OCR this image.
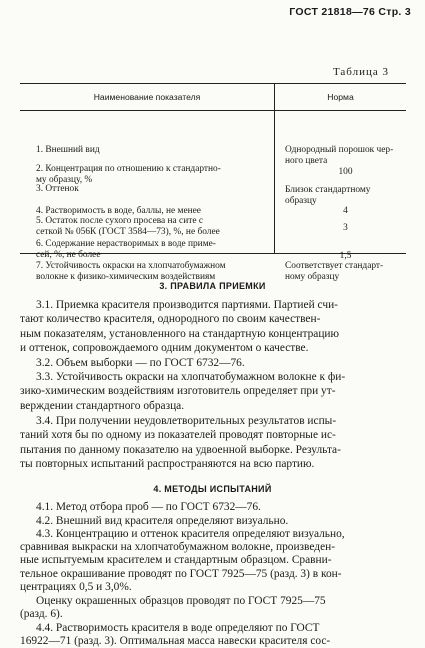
ГОСТ 21818—76 Стр. 3
Таблица 3
Наименование показателя	Норма
1. Внешний вид
2. Концентрация по отношению к стандартно-
му образцу, %
3. Оттенок
4. Растворимость в воде, баллы, не менее
5. Остаток после сухого просева на сите с
сеткой № 056К (ГОСТ 3584—73), %, не более
6. Содержание нерастворимых в воде приме-
сей, %, не более
7. Устойчивость окраски на хлопчатобумажном
волокне к физико-химическим воздействиям
Однородный порошок чер-
ного цвета
100
Близок стандартному
образцу
4
3
1,5
Соответствует стандарт-
ному образцу
3. ПРАВИЛА ПРИЕМКИ
3.1. Приемка красителя производится партиями. Партией счи-
тают количество красителя, однородного по своим качествен-
ным показателям, установленного на стандартную концентрацию
и оттенок, сопровождаемого одним документом о качестве.
3.2. Объем выборки — по ГОСТ 6732—76.
3.3. Устойчивость окраски на хлопчатобумажном волокне к фи-
зико-химическим воздействиям изготовитель определяет при ут-
верждении стандартного образца.
3.4. При получении неудовлетворительных результатов испы-
таний хотя бы по одному из показателей проводят повторные ис-
пытания по данному показателю на удвоенной выборке. Результа-
ты повторных испытаний распространяются на всю партию.
4. МЕТОДЫ ИСПЫТАНИЙ
4.1. Метод отбора проб — по ГОСТ 6732—76.
4.2. Внешний вид красителя определяют визуально.
4.3. Концентрацию и оттенок красителя определяют визуально,
сравнивая выкраски на хлопчатобумажном волокне, произведен-
ные испытуемым красителем и стандартным образцом. Сравни-
тельное окрашивание проводят по ГОСТ 7925—75 (разд. 3) в кон-
центрациях 0,5 и 3,0%.
Оценку окрашенных образцов проводят по ГОСТ 7925—75
(разд. 6).
4.4. Растворимость красителя в воде определяют по ГОСТ
16922—71 (разд. 3). Оптимальная масса навески красителя сос-
